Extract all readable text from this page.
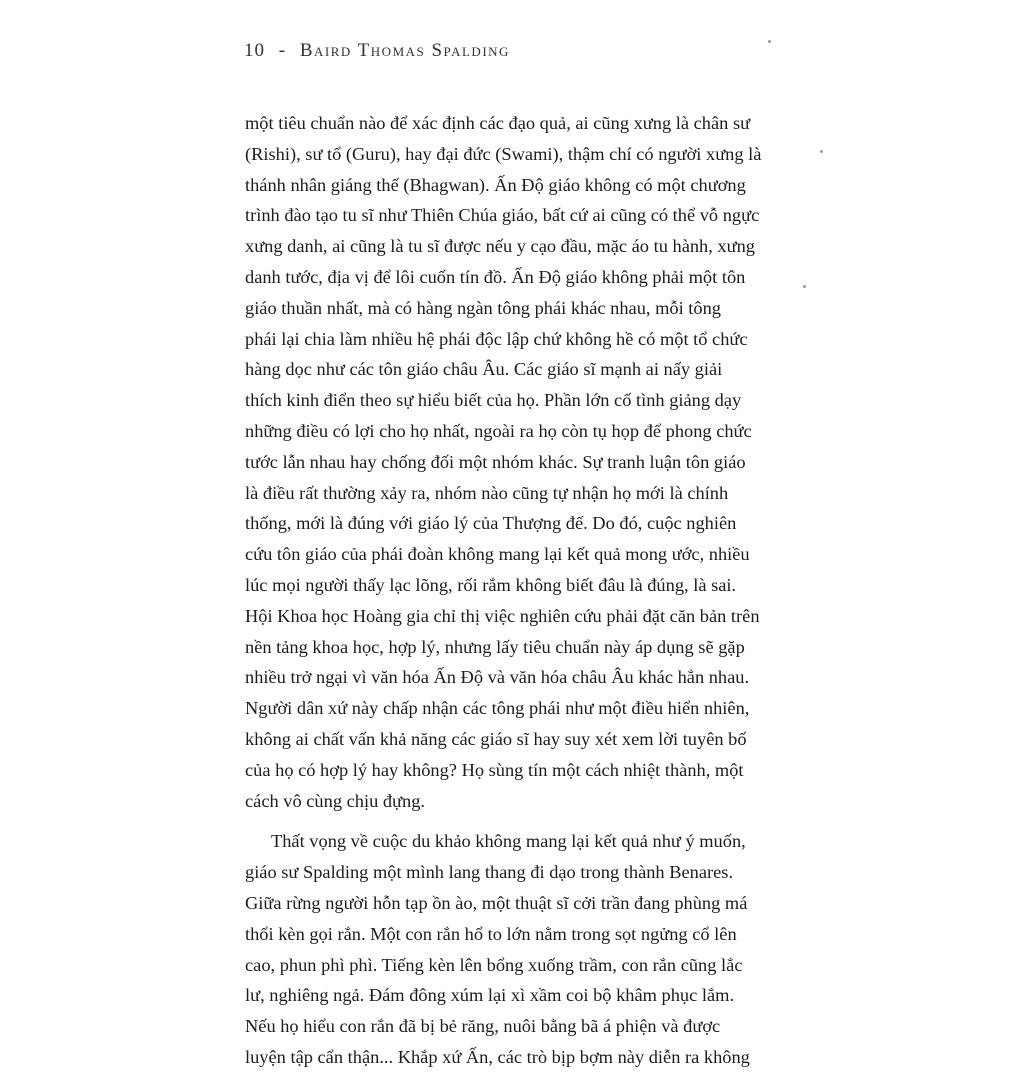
10 - Baird Thomas Spalding
một tiêu chuẩn nào để xác định các đạo quả, ai cũng xưng là chân sư
(Rishi), sư tổ (Guru), hay đại đức (Swami), thậm chí có người xưng là
thánh nhân giáng thế (Bhagwan). Ấn Độ giáo không có một chương
trình đào tạo tu sĩ như Thiên Chúa giáo, bất cứ ai cũng có thể vỗ ngực
xưng danh, ai cũng là tu sĩ được nếu y cạo đầu, mặc áo tu hành, xưng
danh tước, địa vị để lôi cuốn tín đồ. Ấn Độ giáo không phải một tôn
giáo thuần nhất, mà có hàng ngàn tông phái khác nhau, mỗi tông
phái lại chia làm nhiều hệ phái độc lập chứ không hề có một tổ chức
hàng dọc như các tôn giáo châu Âu. Các giáo sĩ mạnh ai nấy giải
thích kinh điển theo sự hiểu biết của họ. Phần lớn cố tình giảng dạy
những điều có lợi cho họ nhất, ngoài ra họ còn tụ họp để phong chức
tước lẫn nhau hay chống đối một nhóm khác. Sự tranh luận tôn giáo
là điều rất thường xảy ra, nhóm nào cũng tự nhận họ mới là chính
thống, mới là đúng với giáo lý của Thượng đế. Do đó, cuộc nghiên
cứu tôn giáo của phái đoàn không mang lại kết quả mong ước, nhiều
lúc mọi người thấy lạc lõng, rối rắm không biết đâu là đúng, là sai.
Hội Khoa học Hoàng gia chỉ thị việc nghiên cứu phải đặt căn bản trên
nền tảng khoa học, hợp lý, nhưng lấy tiêu chuẩn này áp dụng sẽ gặp
nhiều trở ngại vì văn hóa Ấn Độ và văn hóa châu Âu khác hẳn nhau.
Người dân xứ này chấp nhận các tông phái như một điều hiển nhiên,
không ai chất vấn khả năng các giáo sĩ hay suy xét xem lời tuyên bố
của họ có hợp lý hay không? Họ sùng tín một cách nhiệt thành, một
cách vô cùng chịu đựng.
Thất vọng về cuộc du khảo không mang lại kết quả như ý muốn,
giáo sư Spalding một mình lang thang đi dạo trong thành Benares.
Giữa rừng người hỗn tạp ồn ào, một thuật sĩ cởi trần đang phùng má
thổi kèn gọi rắn. Một con rắn hổ to lớn nằm trong sọt ngửng cổ lên
cao, phun phì phì. Tiếng kèn lên bổng xuống trầm, con rắn cũng lắc
lư, nghiêng ngả. Đám đông xúm lại xì xầm coi bộ khâm phục lắm.
Nếu họ hiểu con rắn đã bị bẻ răng, nuôi bằng bã á phiện và được
luyện tập cẩn thận... Khắp xứ Ấn, các trò bịp bợm này diễn ra không
